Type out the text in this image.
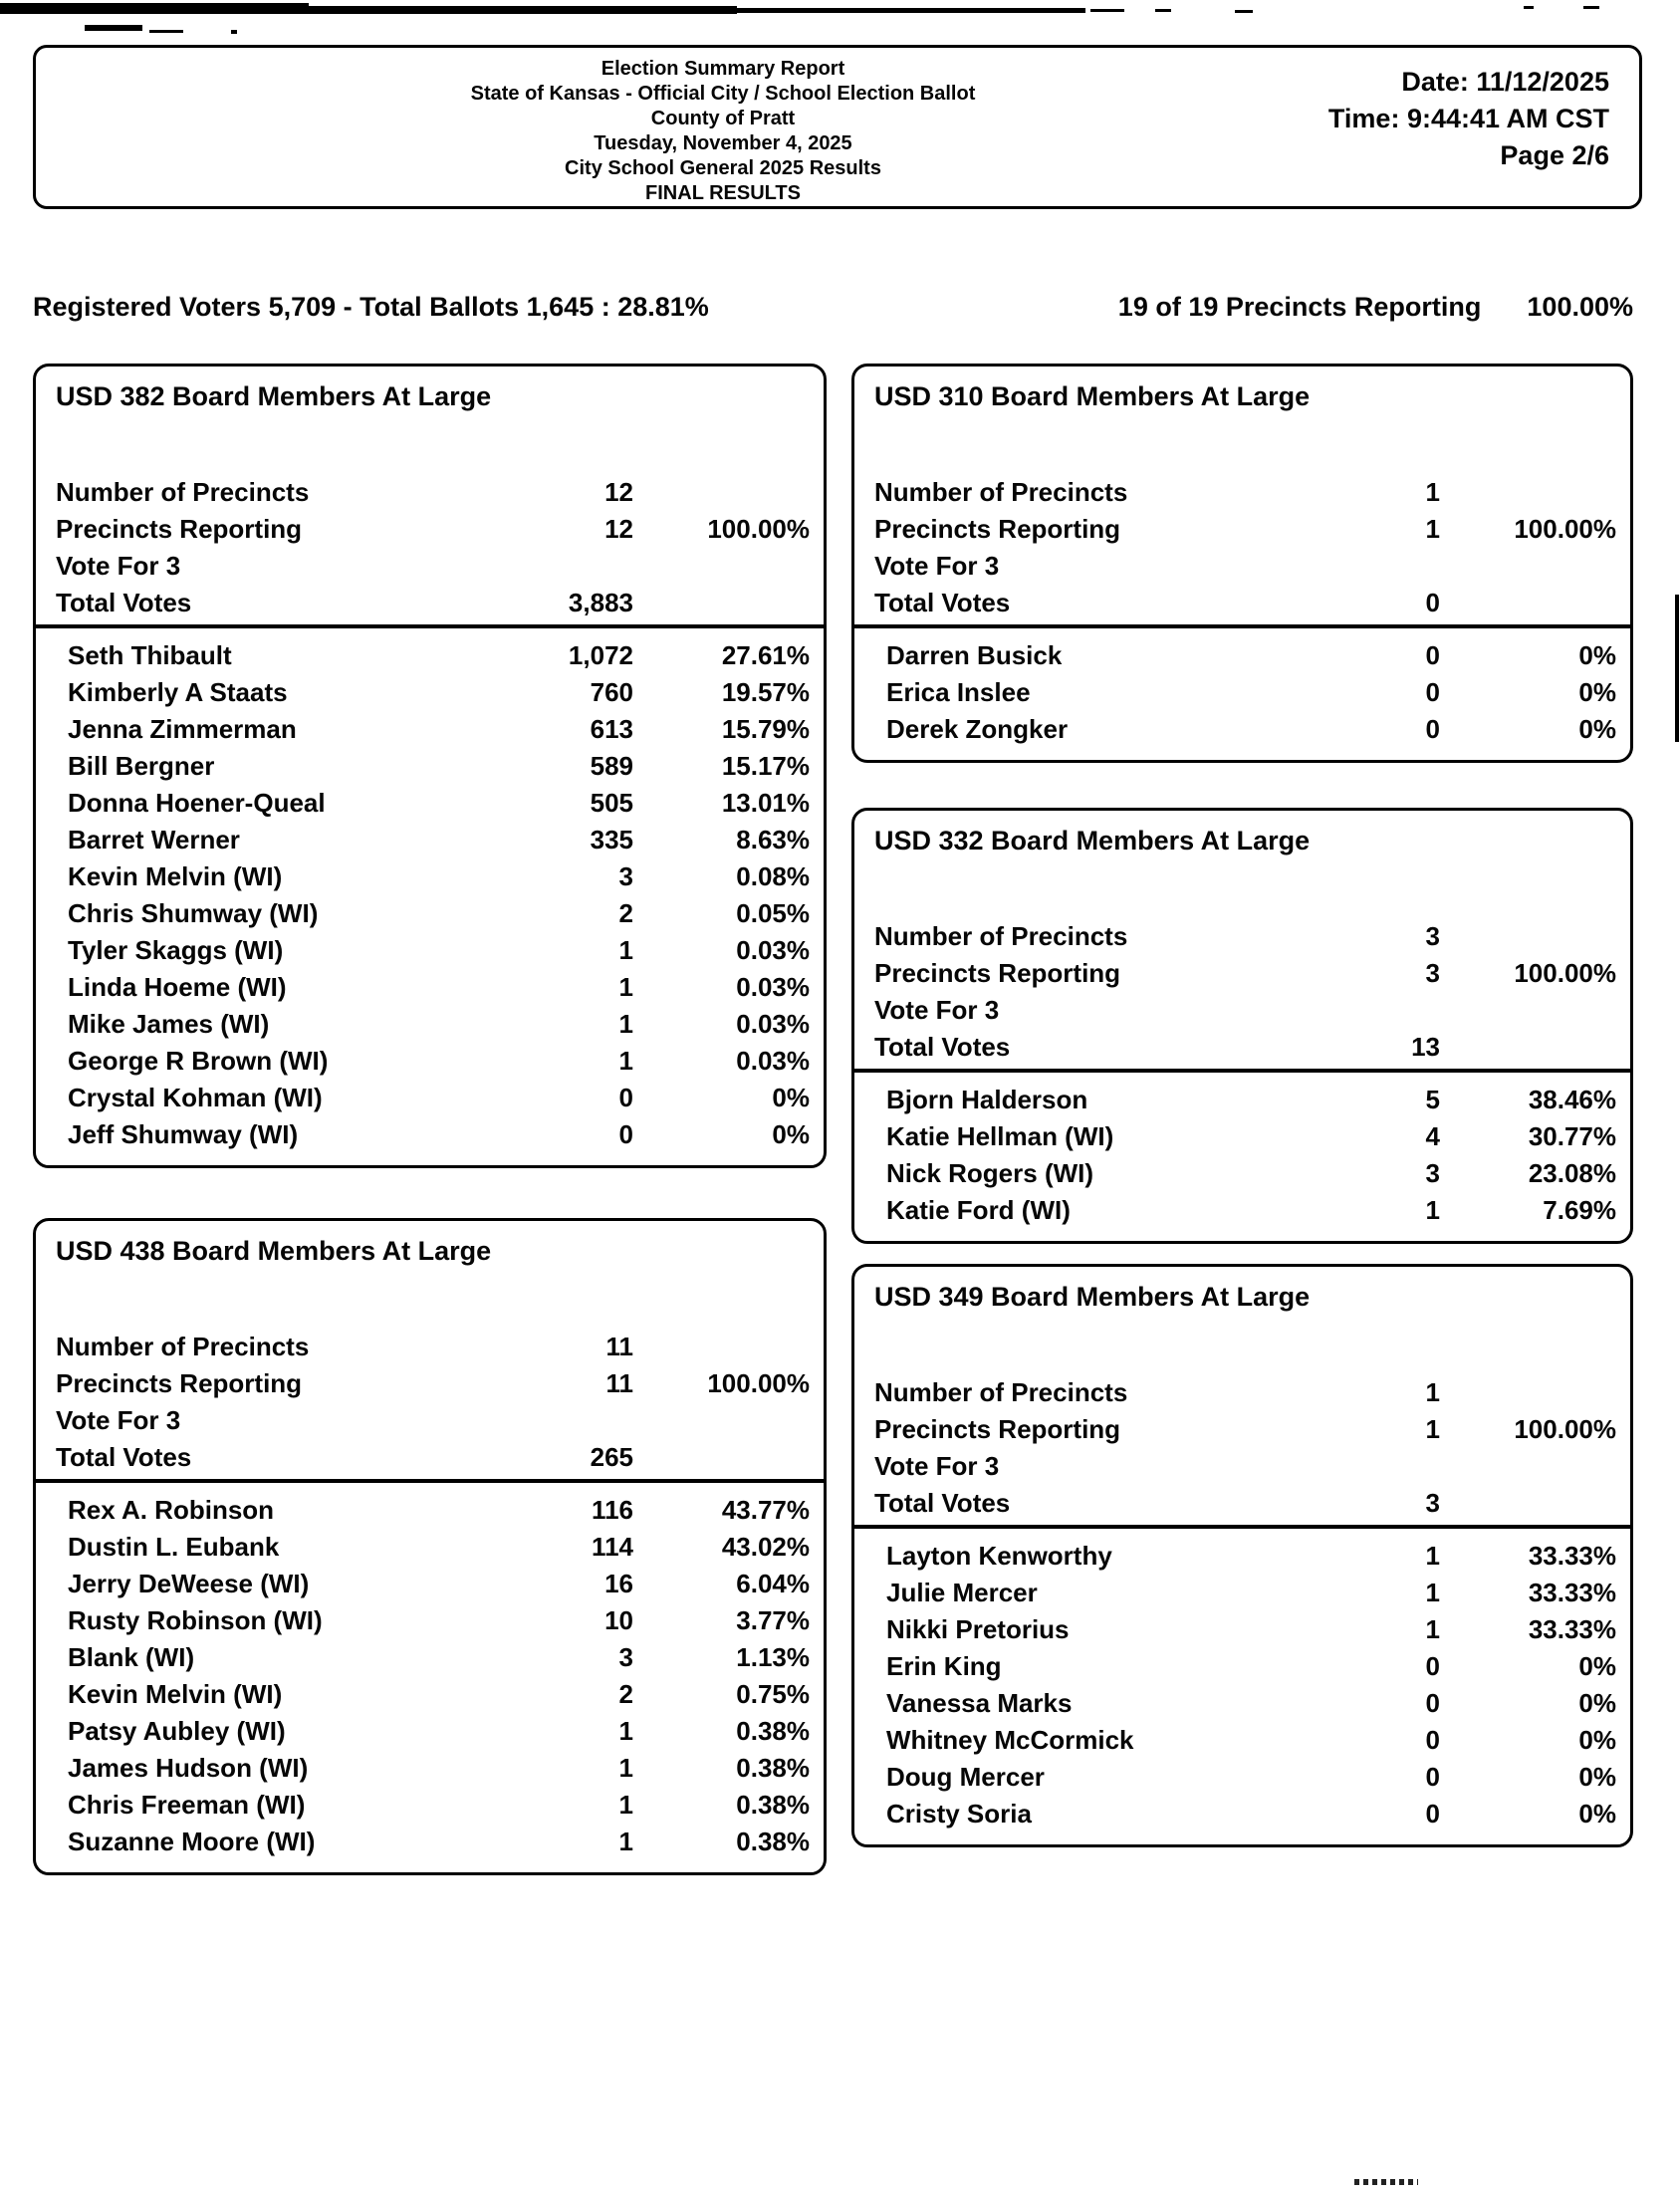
Election Summary Report
State of Kansas - Official City / School Election Ballot
County of Pratt
Tuesday, November 4, 2025
City School General 2025 Results
FINAL RESULTS
Date: 11/12/2025
Time: 9:44:41 AM CST
Page 2/6
Registered Voters 5,709 - Total Ballots 1,645 : 28.81%	19 of 19 Precincts Reporting 100.00%
USD 382 Board Members At Large
Number of Precincts	12
Precincts Reporting	12	100.00%
Vote For 3
Total Votes	3,883
Seth Thibault	1,072	27.61%
Kimberly A Staats	760	19.57%
Jenna Zimmerman	613	15.79%
Bill Bergner	589	15.17%
Donna Hoener-Queal	505	13.01%
Barret Werner	335	8.63%
Kevin Melvin (WI)	3	0.08%
Chris Shumway (WI)	2	0.05%
Tyler Skaggs (WI)	1	0.03%
Linda Hoeme (WI)	1	0.03%
Mike James (WI)	1	0.03%
George R Brown (WI)	1	0.03%
Crystal Kohman (WI)	0	0%
Jeff Shumway (WI)	0	0%
USD 438 Board Members At Large
Number of Precincts	11
Precincts Reporting	11	100.00%
Vote For 3
Total Votes	265
Rex A. Robinson	116	43.77%
Dustin L. Eubank	114	43.02%
Jerry DeWeese (WI)	16	6.04%
Rusty Robinson (WI)	10	3.77%
Blank (WI)	3	1.13%
Kevin Melvin (WI)	2	0.75%
Patsy Aubley (WI)	1	0.38%
James Hudson (WI)	1	0.38%
Chris Freeman (WI)	1	0.38%
Suzanne Moore (WI)	1	0.38%
USD 310 Board Members At Large
Number of Precincts	1
Precincts Reporting	1	100.00%
Vote For 3
Total Votes	0
Darren Busick	0	0%
Erica Inslee	0	0%
Derek Zongker	0	0%
USD 332 Board Members At Large
Number of Precincts	3
Precincts Reporting	3	100.00%
Vote For 3
Total Votes	13
Bjorn Halderson	5	38.46%
Katie Hellman (WI)	4	30.77%
Nick Rogers (WI)	3	23.08%
Katie Ford (WI)	1	7.69%
USD 349 Board Members At Large
Number of Precincts	1
Precincts Reporting	1	100.00%
Vote For 3
Total Votes	3
Layton Kenworthy	1	33.33%
Julie Mercer	1	33.33%
Nikki Pretorius	1	33.33%
Erin King	0	0%
Vanessa Marks	0	0%
Whitney McCormick	0	0%
Doug Mercer	0	0%
Cristy Soria	0	0%
